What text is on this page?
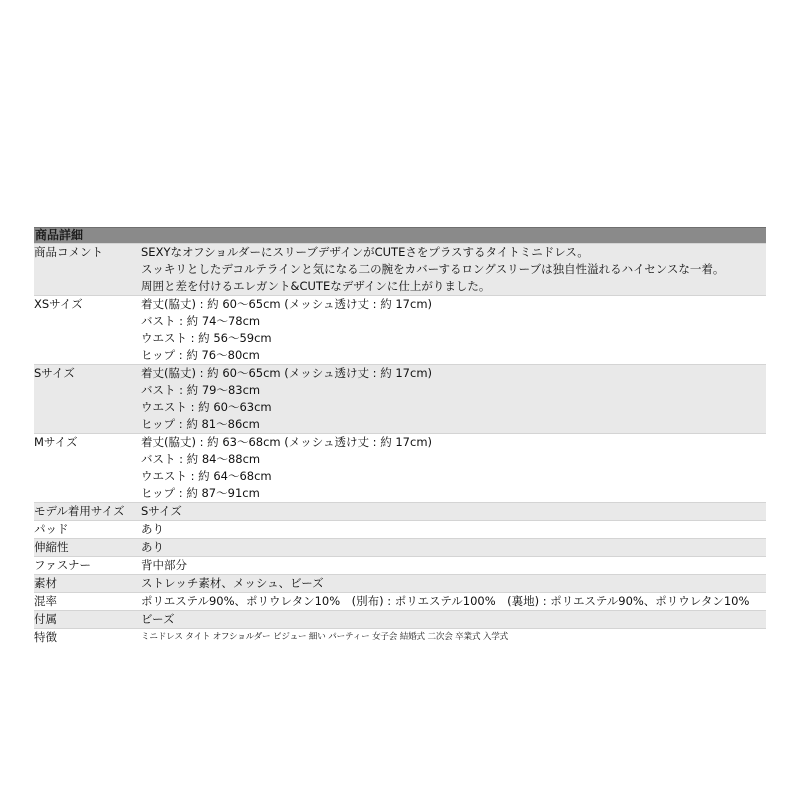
商品詳細
商品コメント	SEXYなオフショルダーにスリーブデザインがCUTEさをプラスするタイトミニドレス。
スッキリとしたデコルテラインと気になる二の腕をカバーするロングスリーブは独自性溢れるハイセンスな一着。
周囲と差を付けるエレガント&CUTEなデザインに仕上がりました。
XSサイズ	着丈(脇丈) : 約 60～65cm (メッシュ透け丈 : 約 17cm)
バスト : 約 74～78cm
ウエスト : 約 56～59cm
ヒップ : 約 76～80cm
Sサイズ	着丈(脇丈) : 約 60～65cm (メッシュ透け丈 : 約 17cm)
バスト : 約 79～83cm
ウエスト : 約 60～63cm
ヒップ : 約 81～86cm
Mサイズ	着丈(脇丈) : 約 63～68cm (メッシュ透け丈 : 約 17cm)
バスト : 約 84～88cm
ウエスト : 約 64～68cm
ヒップ : 約 87～91cm
モデル着用サイズ	Sサイズ
パッド	あり
伸縮性	あり
ファスナー	背中部分
素材	ストレッチ素材、メッシュ、ビーズ
混率	ポリエステル90%、ポリウレタン10%　(別布) : ポリエステル100%　(裏地) : ポリエステル90%、ポリウレタン10%
付属	ビーズ
特徴	ミニドレス タイト オフショルダー ビジュー 細い パーティー 女子会 結婚式 二次会 卒業式 入学式
